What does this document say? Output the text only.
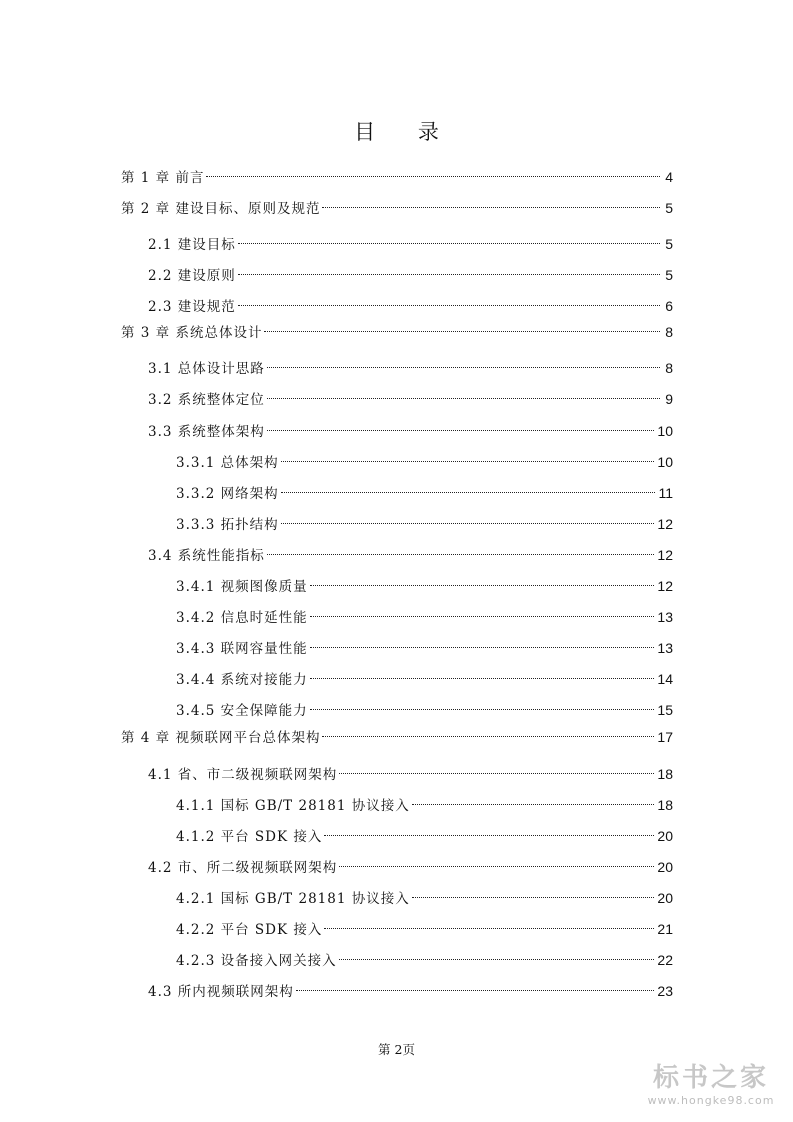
目 录
第 1 章 前言	4
第 2 章 建设目标、原则及规范	5
2.1 建设目标	5
2.2 建设原则	5
2.3 建设规范	6
第 3 章 系统总体设计	8
3.1 总体设计思路	8
3.2 系统整体定位	9
3.3 系统整体架构	10
3.3.1 总体架构	10
3.3.2 网络架构	11
3.3.3 拓扑结构	12
3.4 系统性能指标	12
3.4.1 视频图像质量	12
3.4.2 信息时延性能	13
3.4.3 联网容量性能	13
3.4.4 系统对接能力	14
3.4.5 安全保障能力	15
第 4 章 视频联网平台总体架构	17
4.1 省、市二级视频联网架构	18
4.1.1 国标 GB/T 28181 协议接入	18
4.1.2 平台 SDK 接入	20
4.2 市、所二级视频联网架构	20
4.2.1 国标 GB/T 28181 协议接入	20
4.2.2 平台 SDK 接入	21
4.2.3 设备接入网关接入	22
4.3 所内视频联网架构	23
第 2页
标书之家
www.hongke98.com
